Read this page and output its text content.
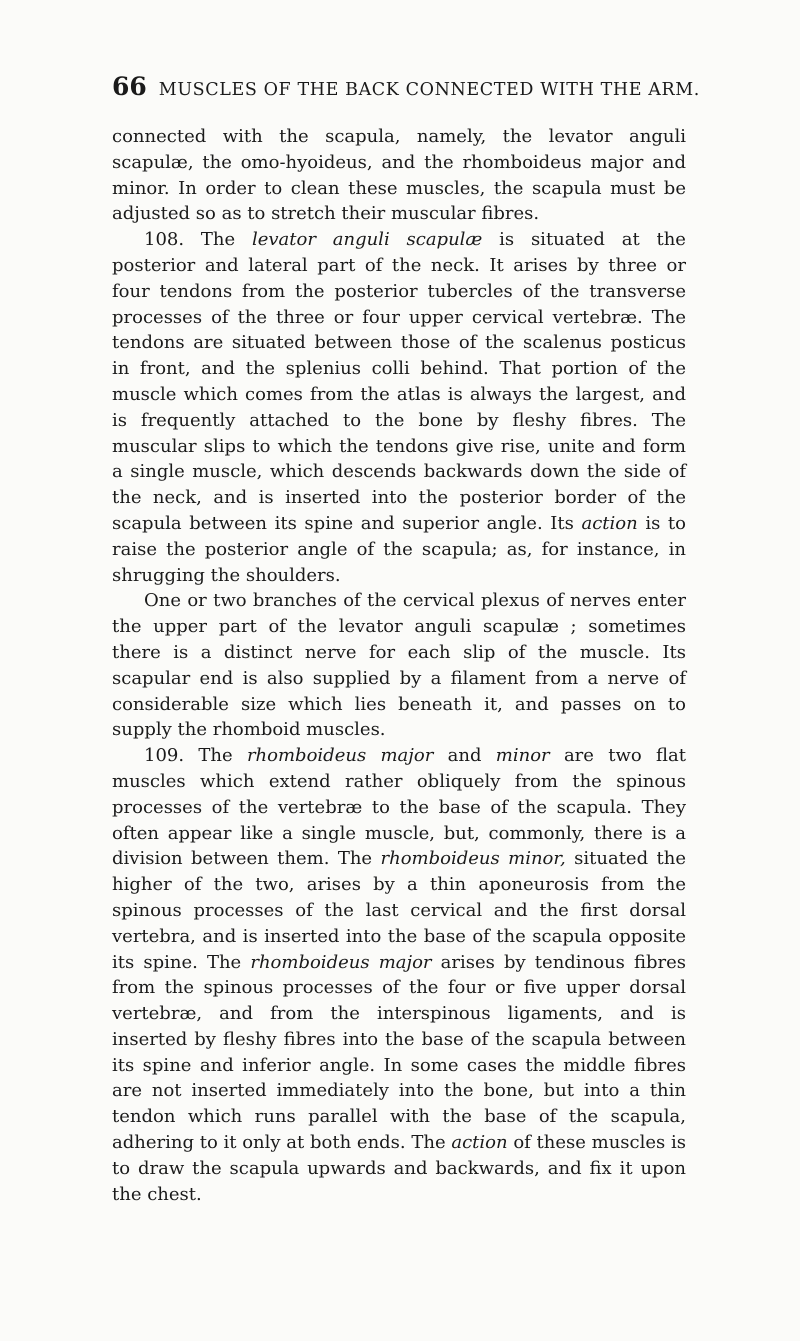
66 MUSCLES OF THE BACK CONNECTED WITH THE ARM.

connected with the scapula, namely, the levator anguli scapulæ, the omo-hyoideus, and the rhomboideus major and minor. In order to clean these muscles, the scapula must be adjusted so as to stretch their muscular fibres.

108. The levator anguli scapulæ is situated at the posterior and lateral part of the neck. It arises by three or four tendons from the posterior tubercles of the transverse processes of the three or four upper cervical vertebræ. The tendons are situated between those of the scalenus posticus in front, and the splenius colli behind. That portion of the muscle which comes from the atlas is always the largest, and is frequently attached to the bone by fleshy fibres. The muscular slips to which the tendons give rise, unite and form a single muscle, which descends backwards down the side of the neck, and is inserted into the posterior border of the scapula between its spine and superior angle. Its action is to raise the posterior angle of the scapula; as, for instance, in shrugging the shoulders.

One or two branches of the cervical plexus of nerves enter the upper part of the levator anguli scapulæ ; sometimes there is a distinct nerve for each slip of the muscle. Its scapular end is also supplied by a filament from a nerve of considerable size which lies beneath it, and passes on to supply the rhomboid muscles.

109. The rhomboideus major and minor are two flat muscles which extend rather obliquely from the spinous processes of the vertebræ to the base of the scapula. They often appear like a single muscle, but, commonly, there is a division between them. The rhomboideus minor, situated the higher of the two, arises by a thin aponeurosis from the spinous processes of the last cervical and the first dorsal vertebra, and is inserted into the base of the scapula opposite its spine. The rhomboideus major arises by tendinous fibres from the spinous processes of the four or five upper dorsal vertebræ, and from the interspinous ligaments, and is inserted by fleshy fibres into the base of the scapula between its spine and inferior angle. In some cases the middle fibres are not inserted immediately into the bone, but into a thin tendon which runs parallel with the base of the scapula, adhering to it only at both ends. The action of these muscles is to draw the scapula upwards and backwards, and fix it upon the chest.
